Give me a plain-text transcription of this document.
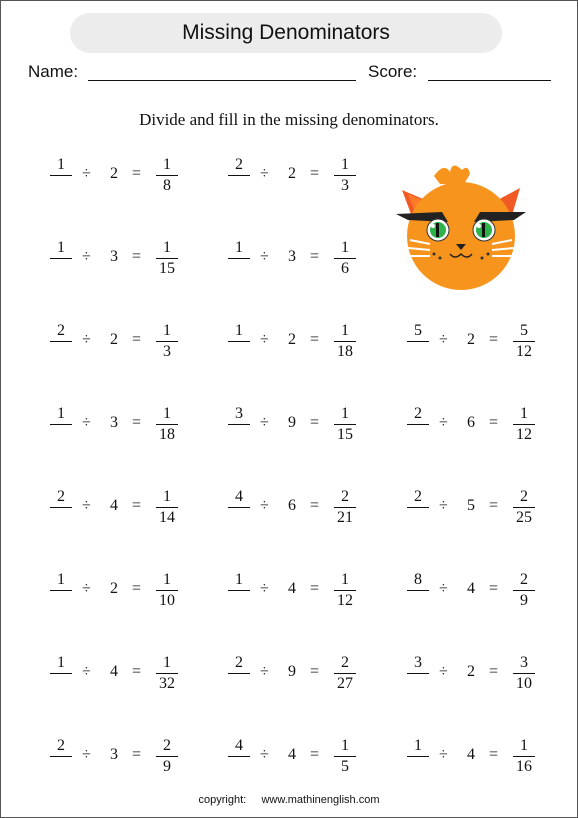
Missing Denominators
Name:	Score:
Divide and fill in the missing denominators.
1
÷ 2 =
1
8
2
÷ 2 =
1
3
1
÷ 3 =
1
15
1
÷ 3 =
1
6
2
÷ 2 =
1
3
1
÷ 2 =
1
18
5
÷ 2 =
5
12
1
÷ 3 =
1
18
3
÷ 9 =
1
15
2
÷ 6 =
1
12
2
÷ 4 =
1
14
4
÷ 6 =
2
21
2
÷ 5 =
2
25
1
÷ 2 =
1
10
1
÷ 4 =
1
12
8
÷ 4 =
2
9
1
÷ 4 =
1
32
2
÷ 9 =
2
27
3
÷ 2 =
3
10
2
÷ 3 =
2
9
4
÷ 4 =
1
5
1
÷ 4 =
1
16
copyright: www.mathinenglish.com
